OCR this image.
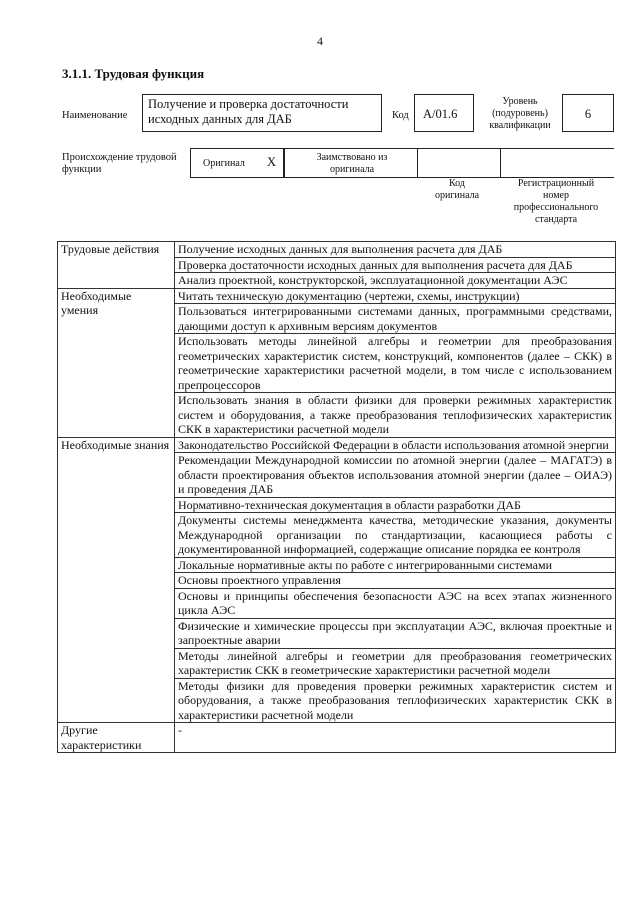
4
3.1.1. Трудовая функция
Наименование
Получение и проверка достаточности исходных данных для ДАБ	Код	A/01.6
Уровень (подуровень) квалификации
6
Происхождение трудовой функции
Оригинал X	Заимствовано из оригинала
Код оригинала
Регистрационный номер профессионального стандарта
Трудовые действия	Получение исходных данных для выполнения расчета для ДАБ
	Проверка достаточности исходных данных для выполнения расчета для ДАБ
	Анализ проектной, конструкторской, эксплуатационной документации АЭС
Необходимые умения	Читать техническую документацию (чертежи, схемы, инструкции)
	Пользоваться интегрированными системами данных, программными средствами, дающими доступ к архивным версиям документов
	Использовать методы линейной алгебры и геометрии для преобразования геометрических характеристик систем, конструкций, компонентов (далее – СКК) в геометрические характеристики расчетной модели, в том числе с использованием препроцессоров
	Использовать знания в области физики для проверки режимных характеристик систем и оборудования, а также преобразования теплофизических характеристик СКК в характеристики расчетной модели
Необходимые знания	Законодательство Российской Федерации в области использования атомной энергии
	Рекомендации Международной комиссии по атомной энергии (далее – МАГАТЭ) в области проектирования объектов использования атомной энергии (далее – ОИАЭ) и проведения ДАБ
	Нормативно-техническая документация в области разработки ДАБ
	Документы системы менеджмента качества, методические указания, документы Международной организации по стандартизации, касающиеся работы с документированной информацией, содержащие описание порядка ее контроля
	Локальные нормативные акты по работе с интегрированными системами
	Основы проектного управления
	Основы и принципы обеспечения безопасности АЭС на всех этапах жизненного цикла АЭС
	Физические и химические процессы при эксплуатации АЭС, включая проектные и запроектные аварии
	Методы линейной алгебры и геометрии для преобразования геометрических характеристик СКК в геометрические характеристики расчетной модели
	Методы физики для проведения проверки режимных характеристик систем и оборудования, а также преобразования теплофизических характеристик СКК в характеристики расчетной модели
Другие характеристики	-
